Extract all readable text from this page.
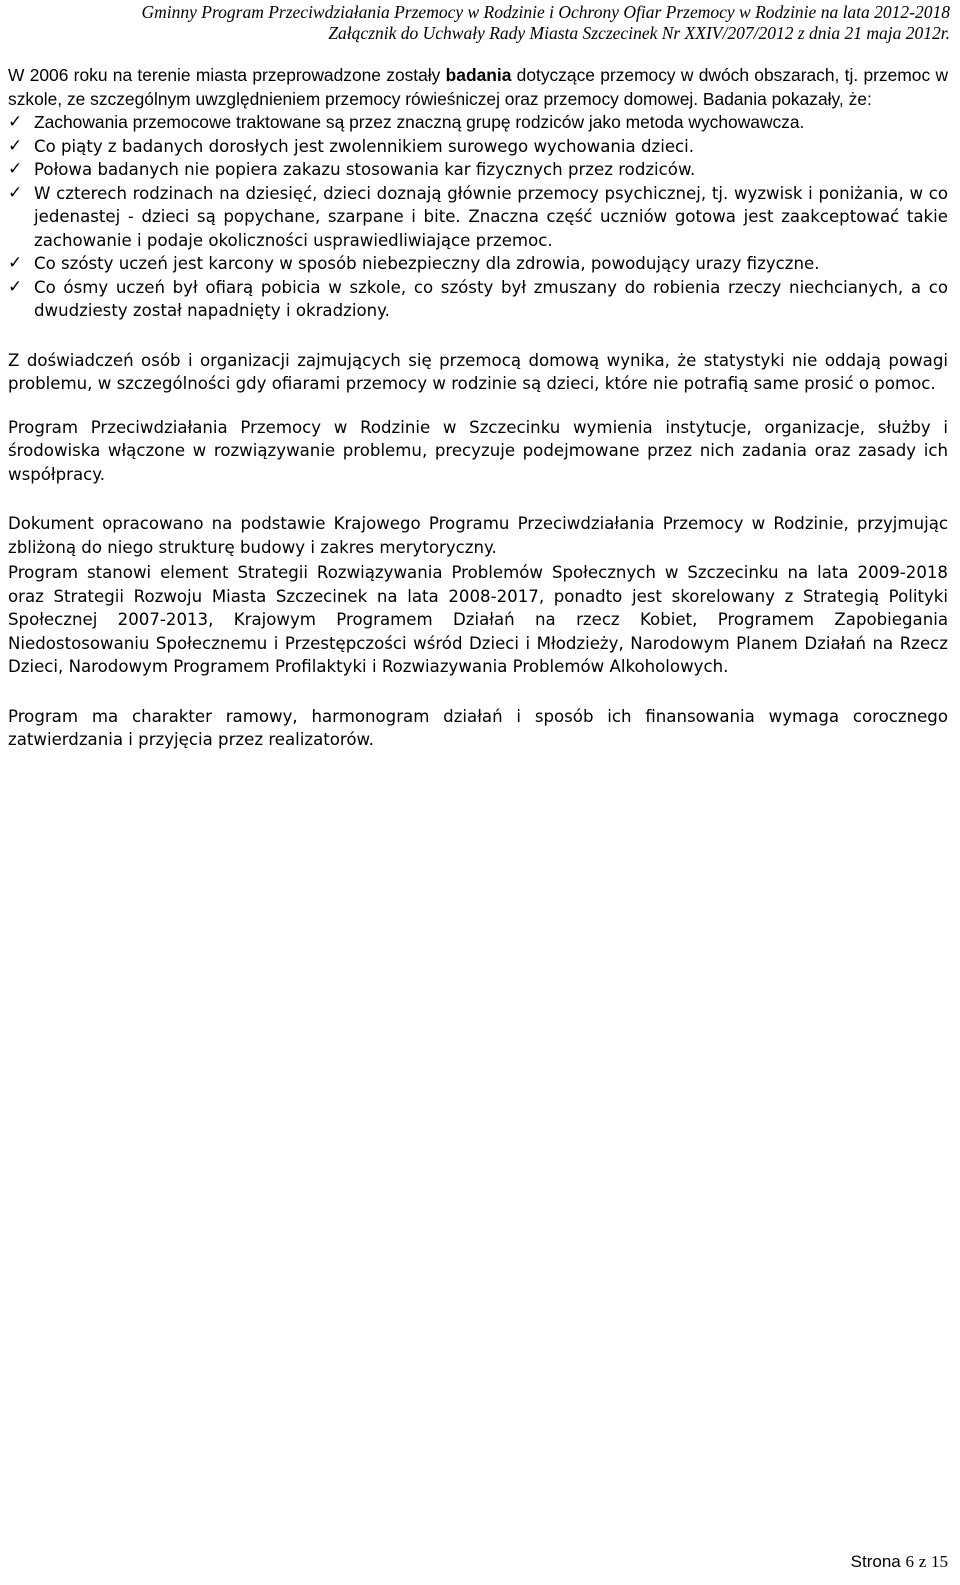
Gminny Program Przeciwdziałania Przemocy w Rodzinie i Ochrony Ofiar Przemocy w Rodzinie na lata 2012-2018
Załącznik do Uchwały Rady Miasta Szczecinek Nr XXIV/207/2012 z dnia 21 maja 2012r.

W 2006 roku na terenie miasta przeprowadzone zostały badania dotyczące przemocy w dwóch obszarach, tj. przemoc w szkole, ze szczególnym uwzględnieniem przemocy rówieśniczej oraz przemocy domowej. Badania pokazały, że:

✓ Zachowania przemocowe traktowane są przez znaczną grupę rodziców jako metoda wychowawcza.
✓ Co piąty z badanych dorosłych jest zwolennikiem surowego wychowania dzieci.
✓ Połowa badanych nie popiera zakazu stosowania kar fizycznych przez rodziców.
✓ W czterech rodzinach na dziesięć, dzieci doznają głównie przemocy psychicznej, tj. wyzwisk i poniżania, w co jedenastej - dzieci są popychane, szarpane i bite. Znaczna część uczniów gotowa jest zaakceptować takie zachowanie i podaje okoliczności usprawiedliwiające przemoc.
✓ Co szósty uczeń jest karcony w sposób niebezpieczny dla zdrowia, powodujący urazy fizyczne.
✓ Co ósmy uczeń był ofiarą pobicia w szkole, co szósty był zmuszany do robienia rzeczy niechcianych, a co dwudziesty został napadnięty i okradziony.

Z doświadczeń osób i organizacji zajmujących się przemocą domową wynika, że statystyki nie oddają powagi problemu, w szczególności gdy ofiarami przemocy w rodzinie są dzieci, które nie potrafią same prosić o pomoc.

Program Przeciwdziałania Przemocy w Rodzinie w Szczecinku wymienia instytucje, organizacje, służby i środowiska włączone w rozwiązywanie problemu, precyzuje podejmowane przez nich zadania oraz zasady ich współpracy.

Dokument opracowano na podstawie Krajowego Programu Przeciwdziałania Przemocy w Rodzinie, przyjmując zbliżoną do niego strukturę budowy i zakres merytoryczny.

Program stanowi element Strategii Rozwiązywania Problemów Społecznych w Szczecinku na lata 2009-2018 oraz Strategii Rozwoju Miasta Szczecinek na lata 2008-2017, ponadto jest skorelowany z Strategią Polityki Społecznej 2007-2013, Krajowym Programem Działań na rzecz Kobiet, Programem Zapobiegania Niedostosowaniu Społecznemu i Przestępczości wśród Dzieci i Młodzieży, Narodowym Planem Działań na Rzecz Dzieci, Narodowym Programem Profilaktyki i Rozwiazywania Problemów Alkoholowych.

Program ma charakter ramowy, harmonogram działań i sposób ich finansowania wymaga corocznego zatwierdzania i przyjęcia przez realizatorów.

Strona 6 z 15
